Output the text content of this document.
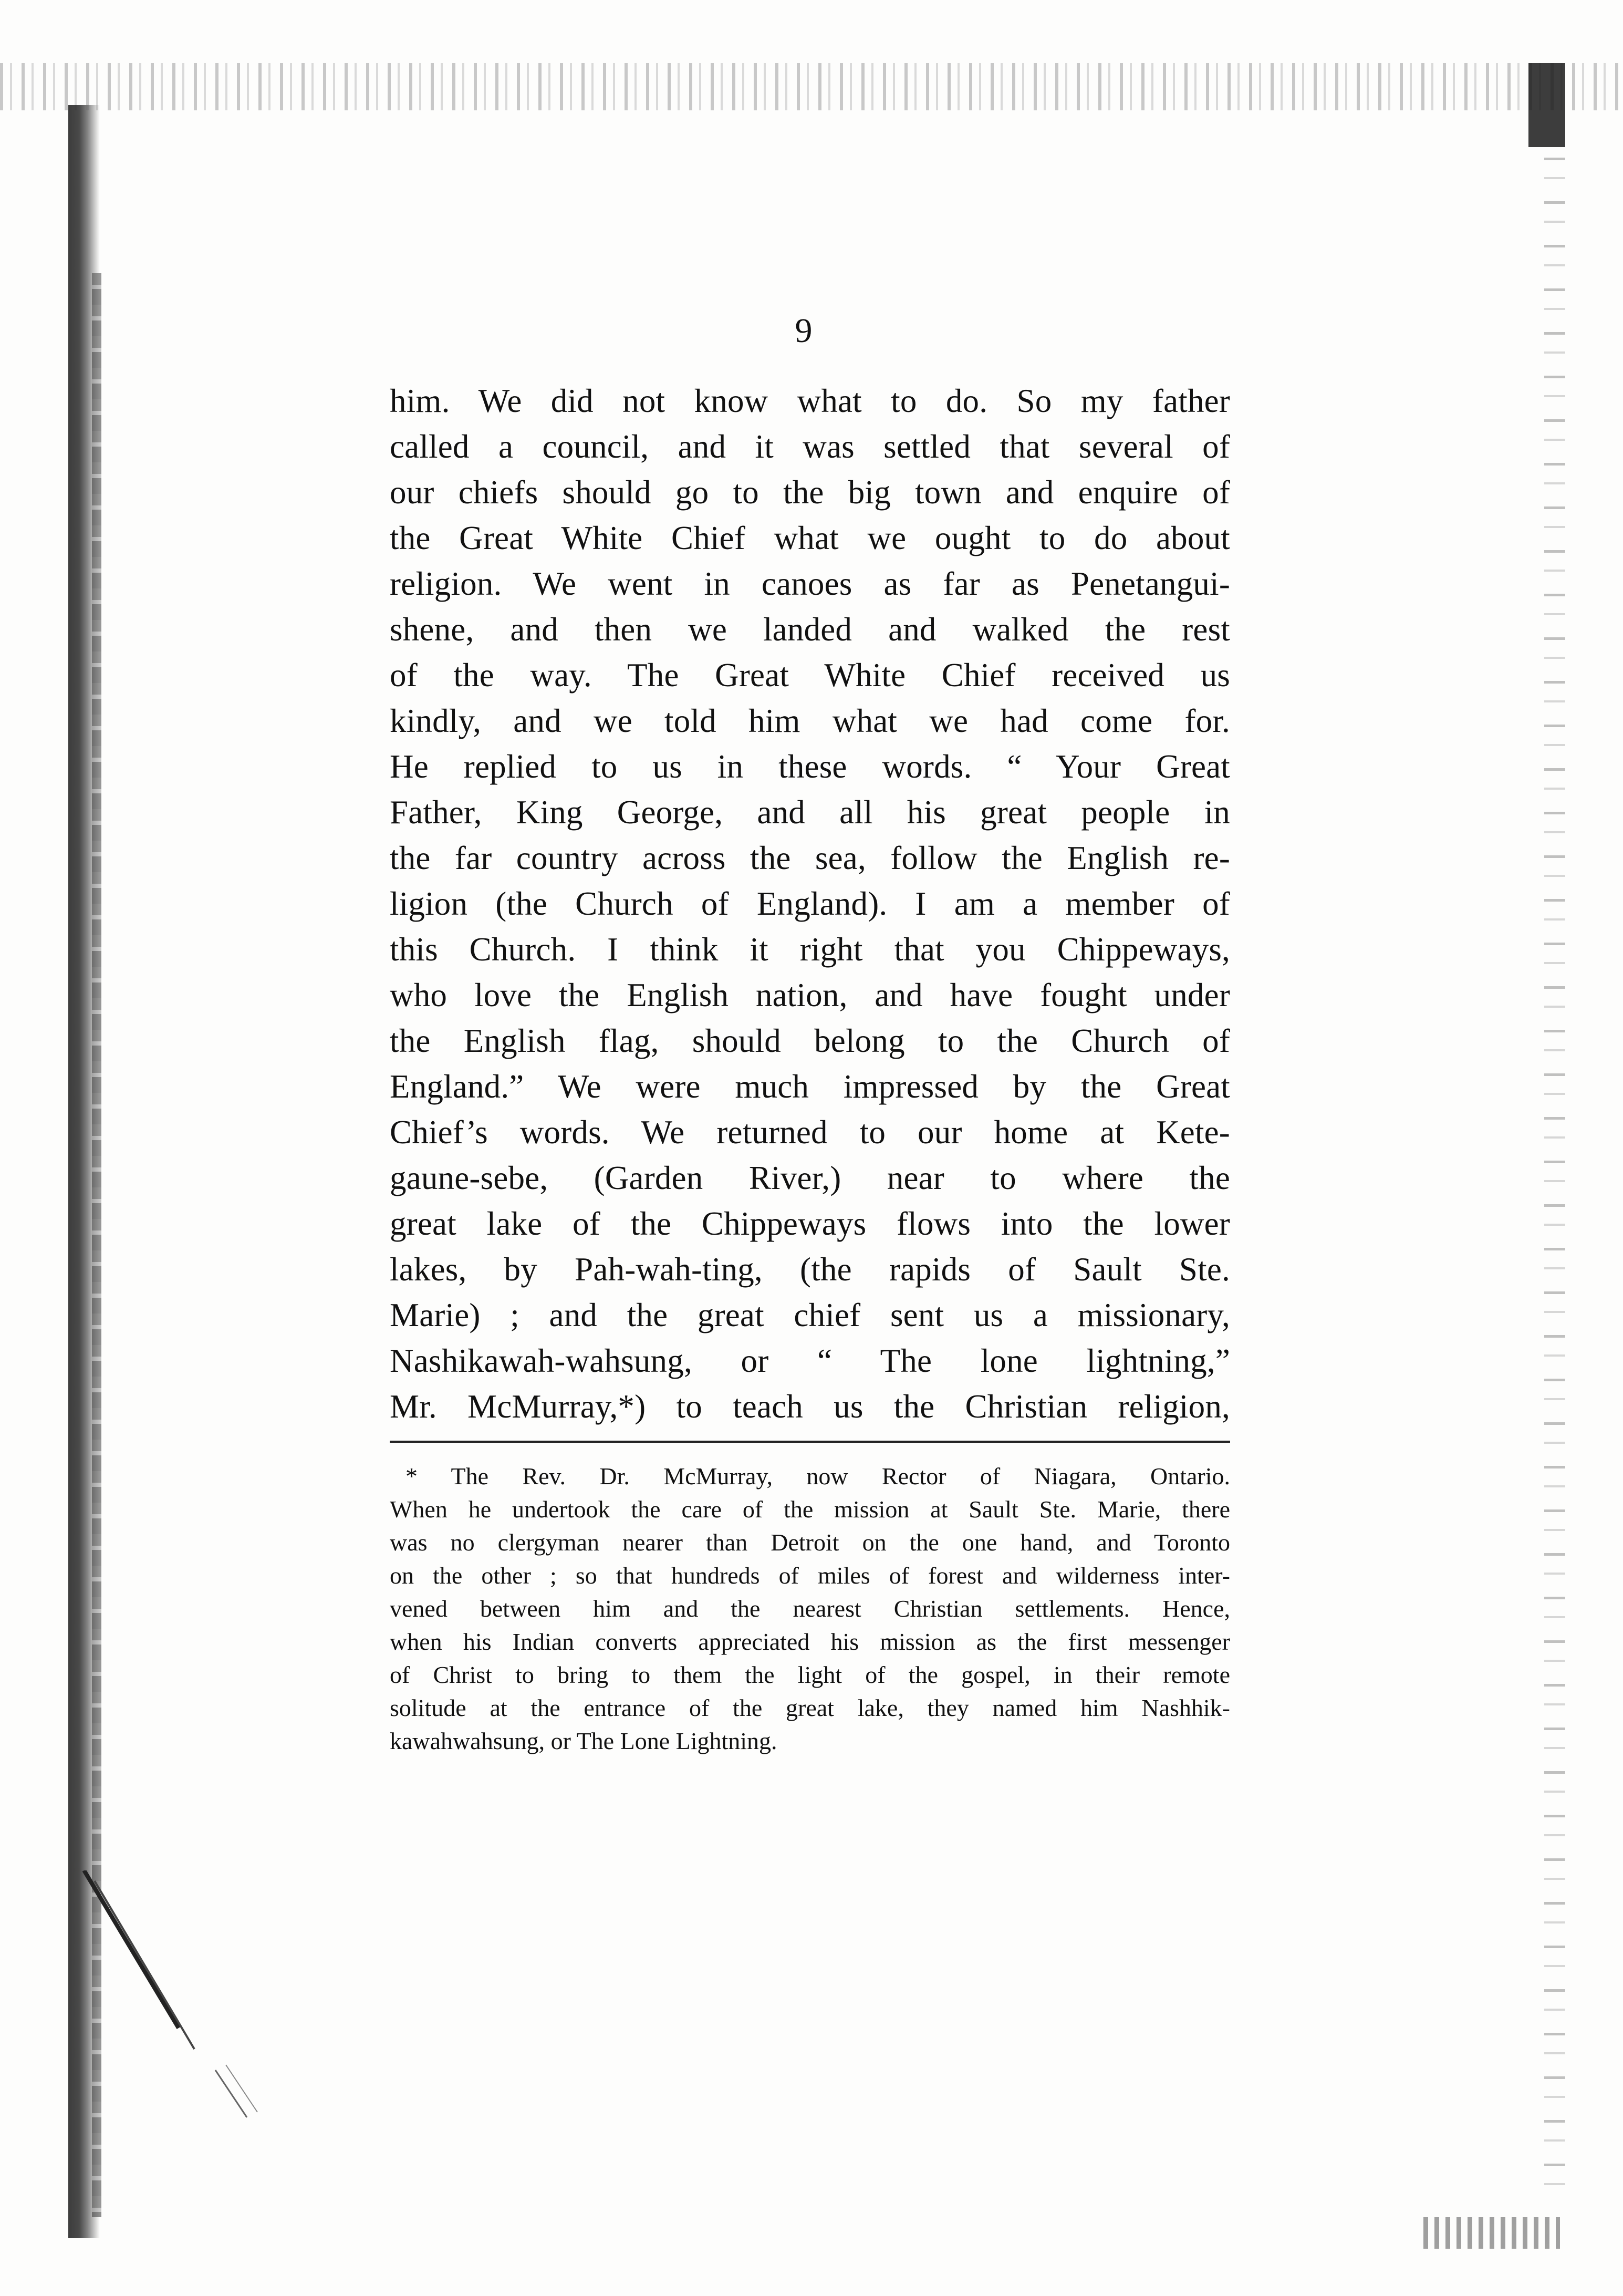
9
him. We did not know what to do. So my father
called a council, and it was settled that several of
our chiefs should go to the big town and enquire of
the Great White Chief what we ought to do about
religion. We went in canoes as far as Penetangui-
shene, and then we landed and walked the rest
of the way. The Great White Chief received us
kindly, and we told him what we had come for.
He replied to us in these words. “ Your Great
Father, King George, and all his great people in
the far country across the sea, follow the English re-
ligion (the Church of England). I am a member of
this Church. I think it right that you Chippeways,
who love the English nation, and have fought under
the English flag, should belong to the Church of
England.” We were much impressed by the Great
Chief’s words. We returned to our home at Kete-
gaune-sebe, (Garden River,) near to where the
great lake of the Chippeways flows into the lower
lakes, by Pah-wah-ting, (the rapids of Sault Ste.
Marie) ; and the great chief sent us a missionary,
Nashikawah-wahsung, or “ The lone lightning,”
Mr. McMurray,*) to teach us the Christian religion,
* The Rev. Dr. McMurray, now Rector of Niagara, Ontario.
When he undertook the care of the mission at Sault Ste. Marie, there
was no clergyman nearer than Detroit on the one hand, and Toronto
on the other ; so that hundreds of miles of forest and wilderness inter-
vened between him and the nearest Christian settlements. Hence,
when his Indian converts appreciated his mission as the first messenger
of Christ to bring to them the light of the gospel, in their remote
solitude at the entrance of the great lake, they named him Nashhik-
kawahwahsung, or The Lone Lightning.
